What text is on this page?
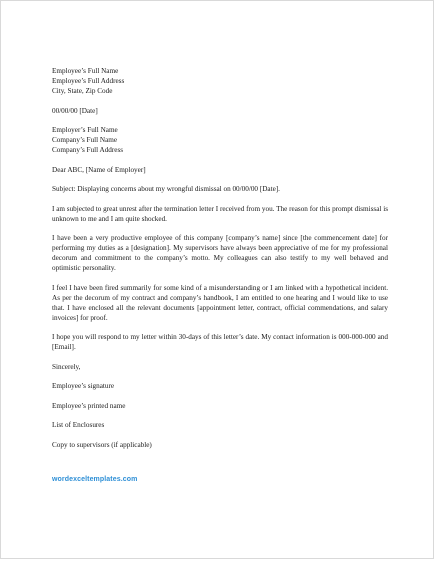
Employee’s Full Name
Employee’s Full Address
City, State, Zip Code
00/00/00 [Date]
Employer’s Full Name
Company’s Full Name
Company’s Full Address
Dear ABC, [Name of Employer]
Subject: Displaying concerns about my wrongful dismissal on 00/00/00 [Date].

I am subjected to great unrest after the termination letter I received from you. The reason for this prompt dismissal is unknown to me and I am quite shocked.

I have been a very productive employee of this company [company’s name] since [the commencement date] for performing my duties as a [designation]. My supervisors have always been appreciative of me for my professional decorum and commitment to the company’s motto. My colleagues can also testify to my well behaved and optimistic personality.

I feel I have been fired summarily for some kind of a misunderstanding or I am linked with a hypothetical incident. As per the decorum of my contract and company’s handbook, I am entitled to one hearing and I would like to use that. I have enclosed all the relevant documents [appointment letter, contract, official commendations, and salary invoices] for proof.

I hope you will respond to my letter within 30-days of this letter’s date. My contact information is 000-000-000 and [Email].

Sincerely,
Employee’s signature
Employee’s printed name
List of Enclosures
Copy to supervisors (if applicable)
wordexceltemplates.com
